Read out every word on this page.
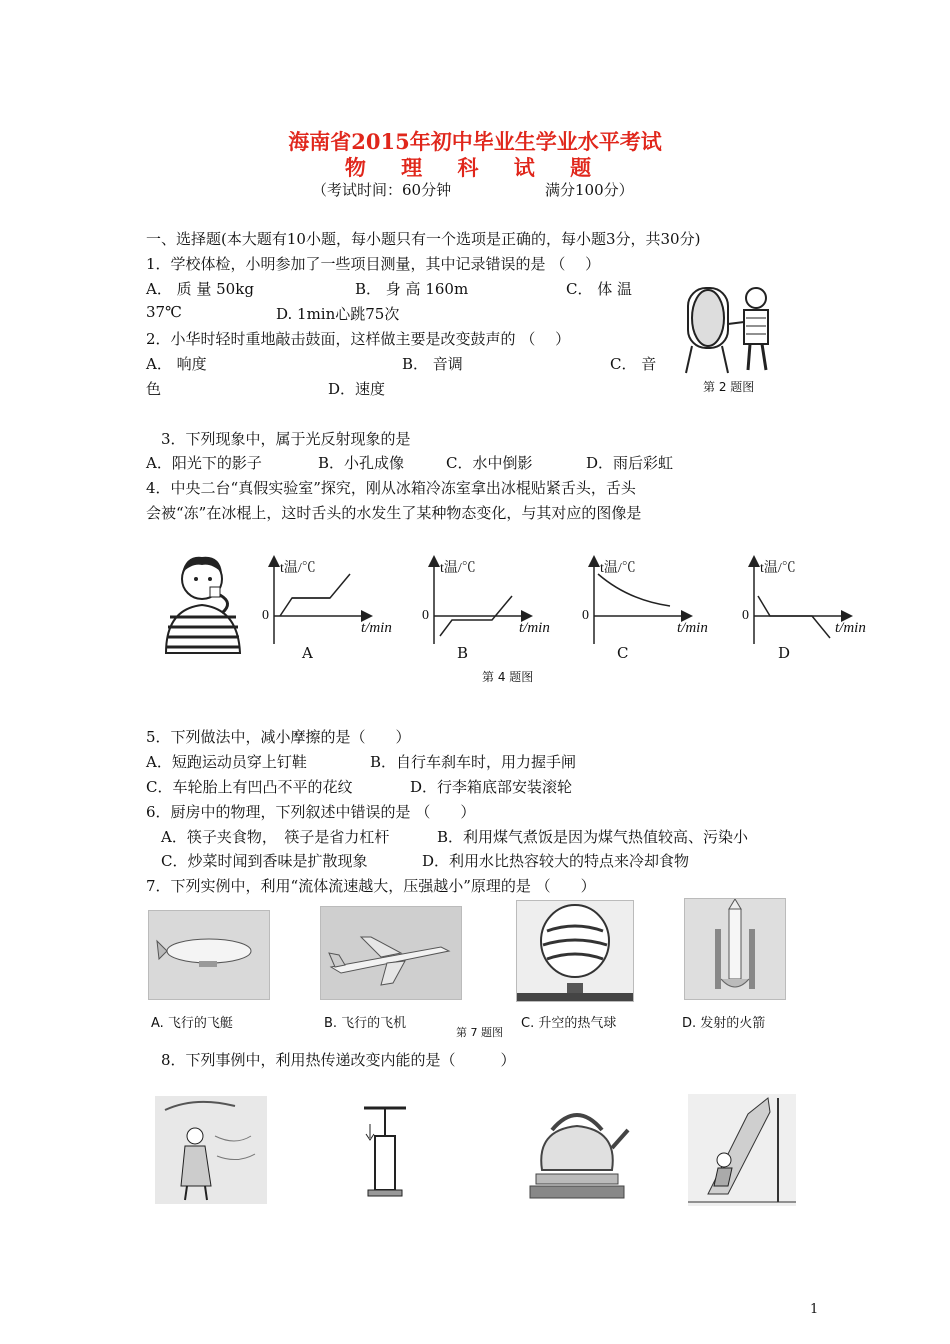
海南省2015年初中毕业生学业水平考试
物 理 科 试 题
（考试时间：60分钟	满分100分）
一、选择题(本大题有10小题，每小题只有一个选项是正确的，每小题3分，共30分)
1．学校体检，小明参加了一些项目测量，其中记录错误的是 （　 ）
A． 质 量 50kg	B． 身 高 160m	C． 体 温
37℃	D. 1min心跳75次
2．小华时轻时重地敲击鼓面，这样做主要是改变鼓声的 （　 ）
A． 响度	B． 音调	C． 音
色	D．速度	第 2 题图
3．下列现象中，属于光反射现象的是
A．阳光下的影子	B．小孔成像	C．水中倒影	D．雨后彩虹
4．中央二台“真假实验室”探究，刚从冰箱冷冻室拿出冰棍贴紧舌头，舌头
会被“冻”在冰棍上，这时舌头的水发生了某种物态变化，与其对应的图像是
t温/℃	t温/℃	t温/℃	t温/℃
0	0	0	0
t/min	t/min	t/min	t/min
A	B	C	D
第 4 题图
5．下列做法中，减小摩擦的是（　　）
A．短跑运动员穿上钉鞋	B．自行车刹车时，用力握手闸
C．车轮胎上有凹凸不平的花纹	D．行李箱底部安装滚轮
6．厨房中的物理，下列叙述中错误的是 （　　）
A．筷子夹食物，　筷子是省力杠杆	B．利用煤气煮饭是因为煤气热值较高、污染小
C．炒菜时闻到香味是扩散现象	D．利用水比热容较大的特点来冷却食物
7．下列实例中，利用“流体流速越大，压强越小”原理的是 （　　）
A. 飞行的飞艇	B. 飞行的飞机
第 7 题图
C. 升空的热气球	D. 发射的火箭
8．下列事例中，利用热传递改变内能的是（　　　）
1
